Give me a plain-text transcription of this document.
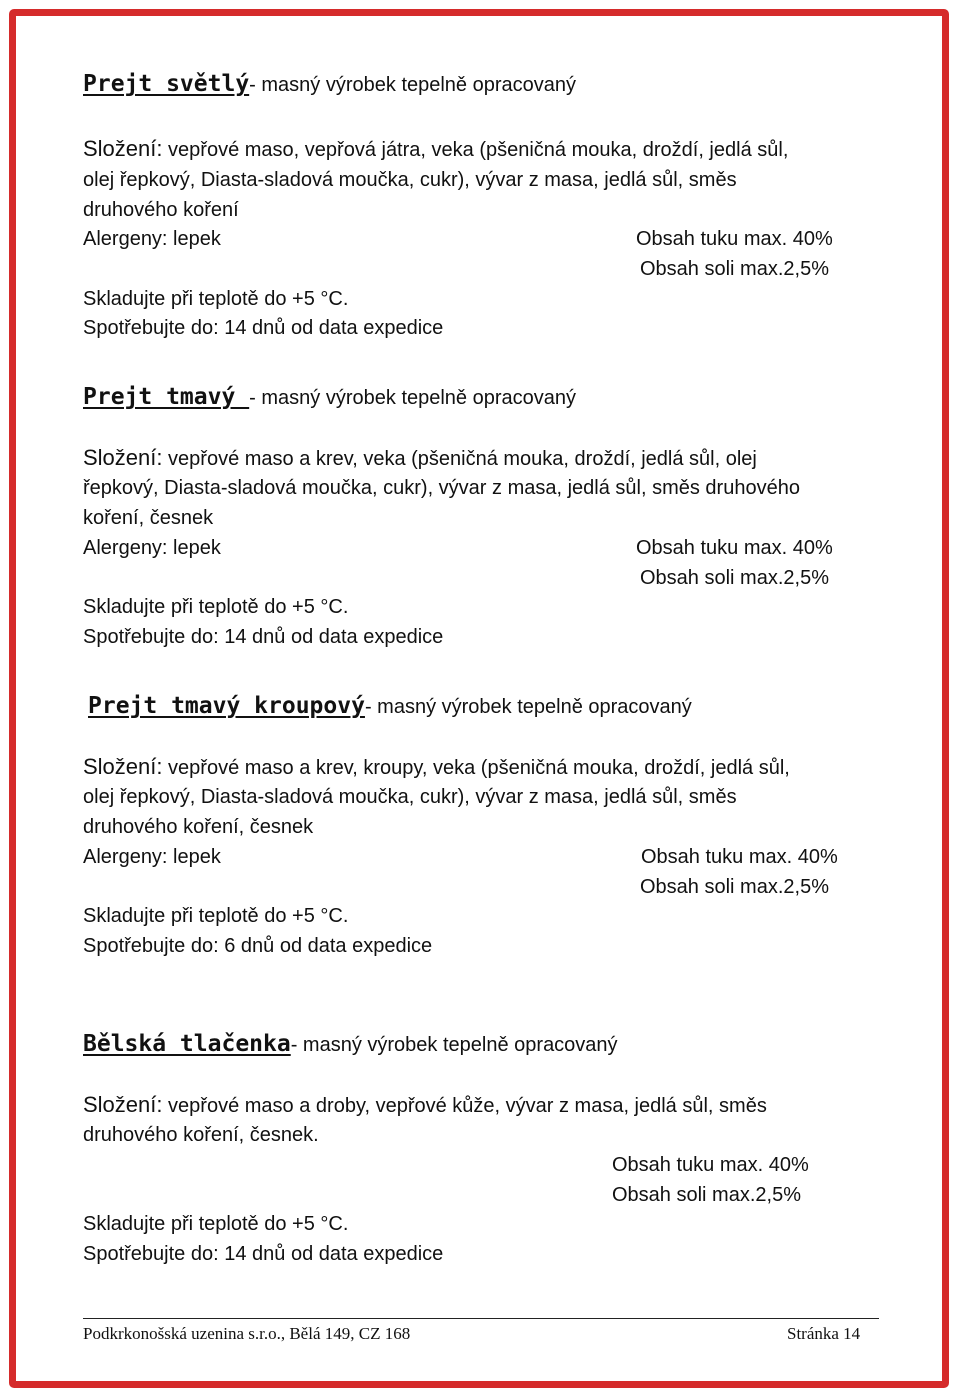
Prejt světlý- masný výrobek tepelně opracovaný
Složení: vepřové maso, vepřová játra, veka (pšeničná mouka, droždí, jedlá sůl,
olej řepkový, Diasta-sladová moučka, cukr), vývar z masa, jedlá sůl, směs
druhového koření
Alergeny: lepek	Obsah tuku max. 40%
Obsah soli max.2,5%
Skladujte při teplotě do +5 °C.
Spotřebujte do: 14 dnů od data expedice
Prejt tmavý - masný výrobek tepelně opracovaný
Složení: vepřové maso a krev, veka (pšeničná mouka, droždí, jedlá sůl, olej
řepkový, Diasta-sladová moučka, cukr), vývar z masa, jedlá sůl, směs druhového
koření, česnek
Alergeny: lepek	Obsah tuku max. 40%
Obsah soli max.2,5%
Skladujte při teplotě do +5 °C.
Spotřebujte do: 14 dnů od data expedice
Prejt tmavý kroupový- masný výrobek tepelně opracovaný
Složení: vepřové maso a krev, kroupy, veka (pšeničná mouka, droždí, jedlá sůl,
olej řepkový, Diasta-sladová moučka, cukr), vývar z masa, jedlá sůl, směs
druhového koření, česnek
Alergeny: lepek	Obsah tuku max. 40%
Obsah soli max.2,5%
Skladujte při teplotě do +5 °C.
Spotřebujte do: 6 dnů od data expedice
Bělská tlačenka- masný výrobek tepelně opracovaný
Složení: vepřové maso a droby, vepřové kůže, vývar z masa, jedlá sůl, směs
druhového koření, česnek.
Obsah tuku max. 40%
Obsah soli max.2,5%
Skladujte při teplotě do +5 °C.
Spotřebujte do: 14 dnů od data expedice
Podkrkonošská uzenina s.r.o., Bělá 149, CZ 168	Stránka 14
